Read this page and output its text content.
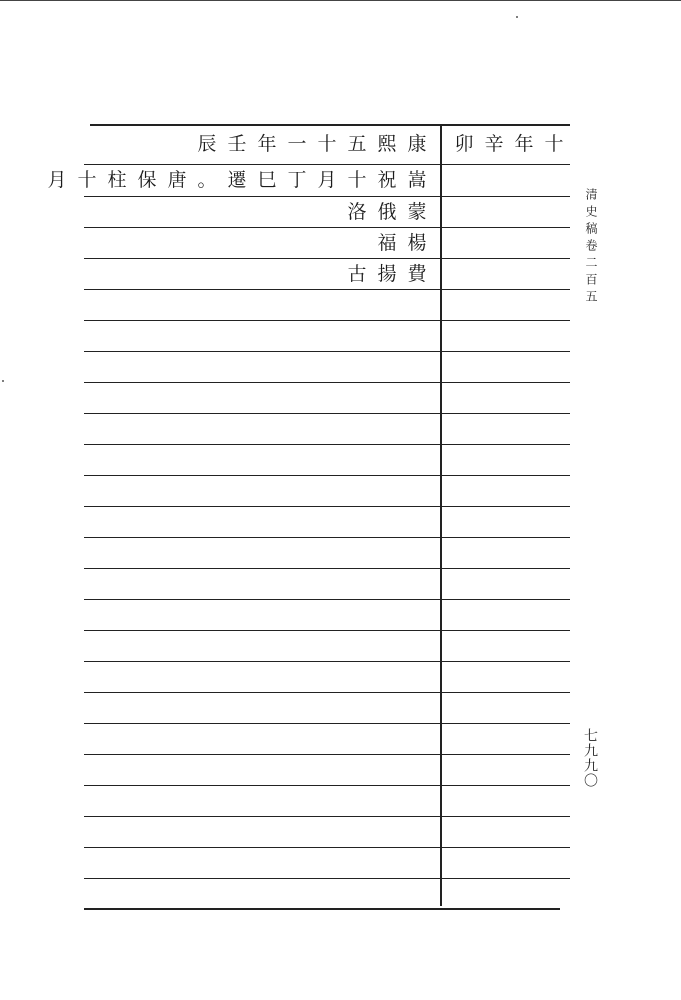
康
熙
五
十
一
年
壬
辰	十
年
辛
卯
嵩
祝
十
月
丁
巳
遷
。
唐
保
柱
十
月
蒙
俄
洛
楊
福
費
揚
古	清史稿卷二百五
七九九〇
